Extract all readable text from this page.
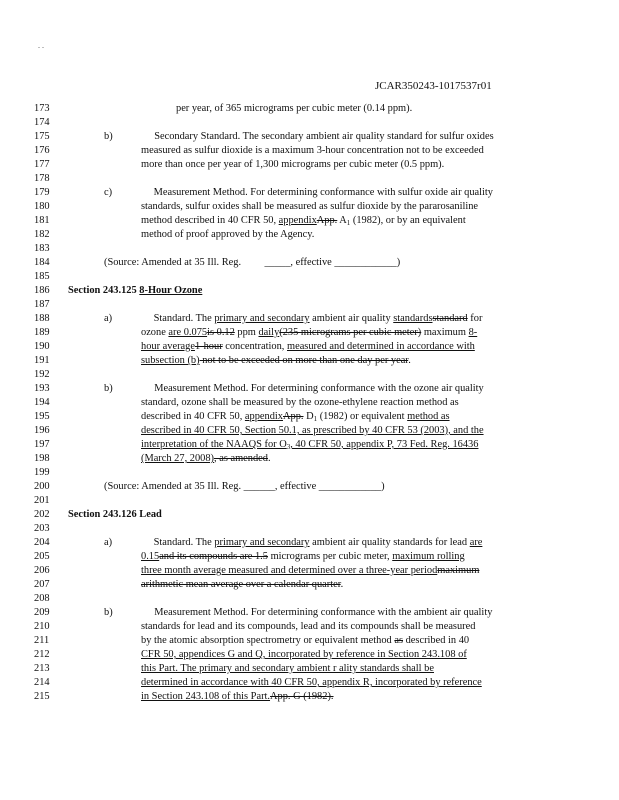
. .
JCAR350243-1017537r01
173	per year, of 365 micrograms per cubic meter (0.14 ppm).
174
175	b)    Secondary Standard. The secondary ambient air quality standard for sulfur oxides
176	measured as sulfur dioxide is a maximum 3-hour concentration not to be exceeded
177	more than once per year of 1,300 micrograms per cubic meter (0.5 ppm).
178
179	c)    Measurement Method. For determining conformance with sulfur oxide air quality
180	standards, sulfur oxides shall be measured as sulfur dioxide by the pararosaniline
181	method described in 40 CFR 50, appendixApp. $A_1$ (1982), or by an equivalent
182	method of proof approved by the Agency.
183
184	(Source: Amended at 35 Ill. Reg.   _____, effective ____________)
185
186	Section 243.125 8-Hour Ozone
187
188	a)    Standard. The primary and secondary ambient air quality standardsstandard for
189	ozone are 0.075is 0.12 ppm daily(235 micrograms per cubic meter) maximum 8-
190	hour average1-hour concentration, measured and determined in accordance with
191	subsection (b) not to be exceeded on more than one day per year.
192
193	b)    Measurement Method. For determining conformance with the ozone air quality
194	standard, ozone shall be measured by the ozone-ethylene reaction method as
195	described in 40 CFR 50, appendixApp. $D_1$ (1982) or equivalent method as
196	described in 40 CFR 50, Section 50.1, as prescribed by 40 CFR 53 (2003), and the
197	interpretation of the NAAQS for $O_3$, 40 CFR 50, appendix P, 73 Fed. Reg. 16436
198	(March 27, 2008), as amended.
199
200	(Source: Amended at 35 Ill. Reg. ______, effective ____________)
201
202	Section 243.126 Lead
203
204	a)    Standard. The primary and secondary ambient air quality standards for lead are
205	0.15and its compounds are 1.5 micrograms per cubic meter, maximum rolling
206	three month average measured and determined over a three-year periodmaximum
207	arithmetic mean average over a calendar quarter.
208
209	b)    Measurement Method. For determining conformance with the ambient air quality
210	standards for lead and its compounds, lead and its compounds shall be measured
211	by the atomic absorption spectrometry or equivalent method as described in 40
212	CFR 50, appendices G and Q, incorporated by reference in Section 243.108 of
213	this Part. The primary and secondary ambient r ality standards shall be
214	determined in accordance with 40 CFR 50, appendix R, incorporated by reference
215	in Section 243.108 of this Part.App. G (1982).
